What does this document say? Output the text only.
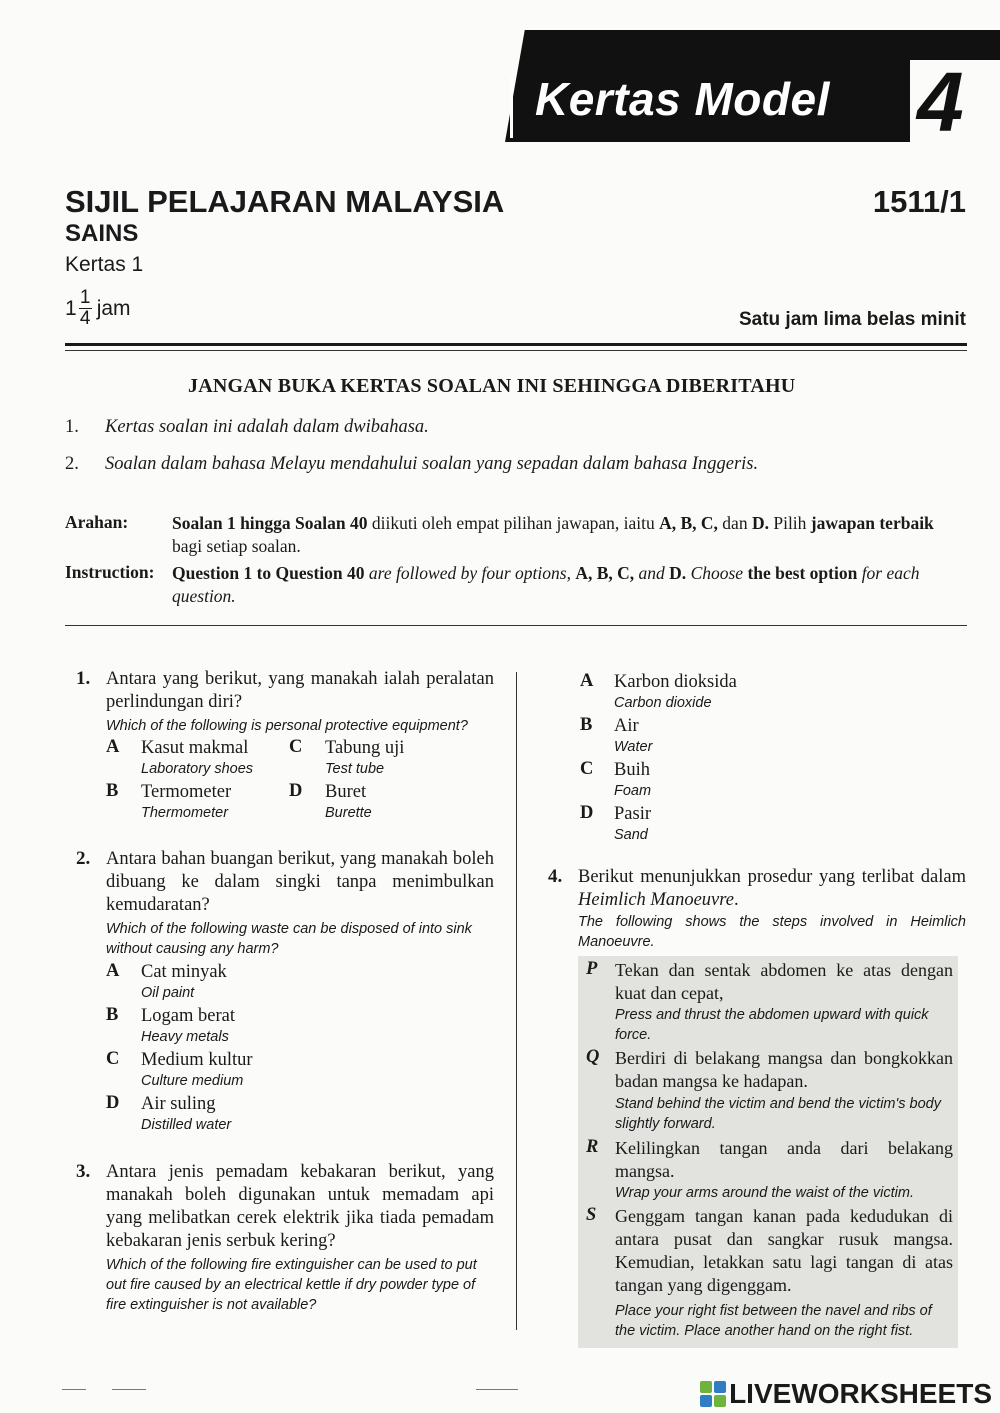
Kertas Model 4
SIJIL PELAJARAN MALAYSIA	1511/1
SAINS
Kertas 1
$1 \frac{1}{4}$ jam	Satu jam lima belas minit
JANGAN BUKA KERTAS SOALAN INI SEHINGGA DIBERITAHU
1. Kertas soalan ini adalah dalam dwibahasa.
2. Soalan dalam bahasa Melayu mendahului soalan yang sepadan dalam bahasa Inggeris.
Arahan:	Soalan 1 hingga Soalan 40 diikuti oleh empat pilihan jawapan, iaitu A, B, C, dan D. Pilih jawapan terbaik bagi setiap soalan.
Instruction: Question 1 to Question 40 are followed by four options, A, B, C, and D. Choose the best option for each question.
1. Antara yang berikut, yang manakah ialah peralatan perlindungan diri?
Which of the following is personal protective equipment?
A Kasut makmal
Laboratory shoes
B Termometer
Thermometer
C Tabung uji
Test tube
D Buret
Burette
2. Antara bahan buangan berikut, yang manakah boleh dibuang ke dalam singki tanpa menimbulkan kemudaratan?
Which of the following waste can be disposed of into sink without causing any harm?
A Cat minyak
Oil paint
B Logam berat
Heavy metals
C Medium kultur
Culture medium
D Air suling
Distilled water
3. Antara jenis pemadam kebakaran berikut, yang manakah boleh digunakan untuk memadam api yang melibatkan cerek elektrik jika tiada pemadam kebakaran jenis serbuk kering?
Which of the following fire extinguisher can be used to put out fire caused by an electrical kettle if dry powder type of fire extinguisher is not available?
A Karbon dioksida
Carbon dioxide
B Air
Water
C Buih
Foam
D Pasir
Sand
4. Berikut menunjukkan prosedur yang terlibat dalam Heimlich Manoeuvre.
The following shows the steps involved in Heimlich Manoeuvre.
P Tekan dan sentak abdomen ke atas dengan kuat dan cepat,
Press and thrust the abdomen upward with quick force.
Q Berdiri di belakang mangsa dan bongkokkan badan mangsa ke hadapan.
Stand behind the victim and bend the victim's body slightly forward.
R Kelilingkan tangan anda dari belakang mangsa.
Wrap your arms around the waist of the victim.
S Genggam tangan kanan pada kedudukan di antara pusat dan sangkar rusuk mangsa. Kemudian, letakkan satu lagi tangan di atas tangan yang digenggam.
Place your right fist between the navel and ribs of the victim. Place another hand on the right fist.
LIVEWORKSHEETS
